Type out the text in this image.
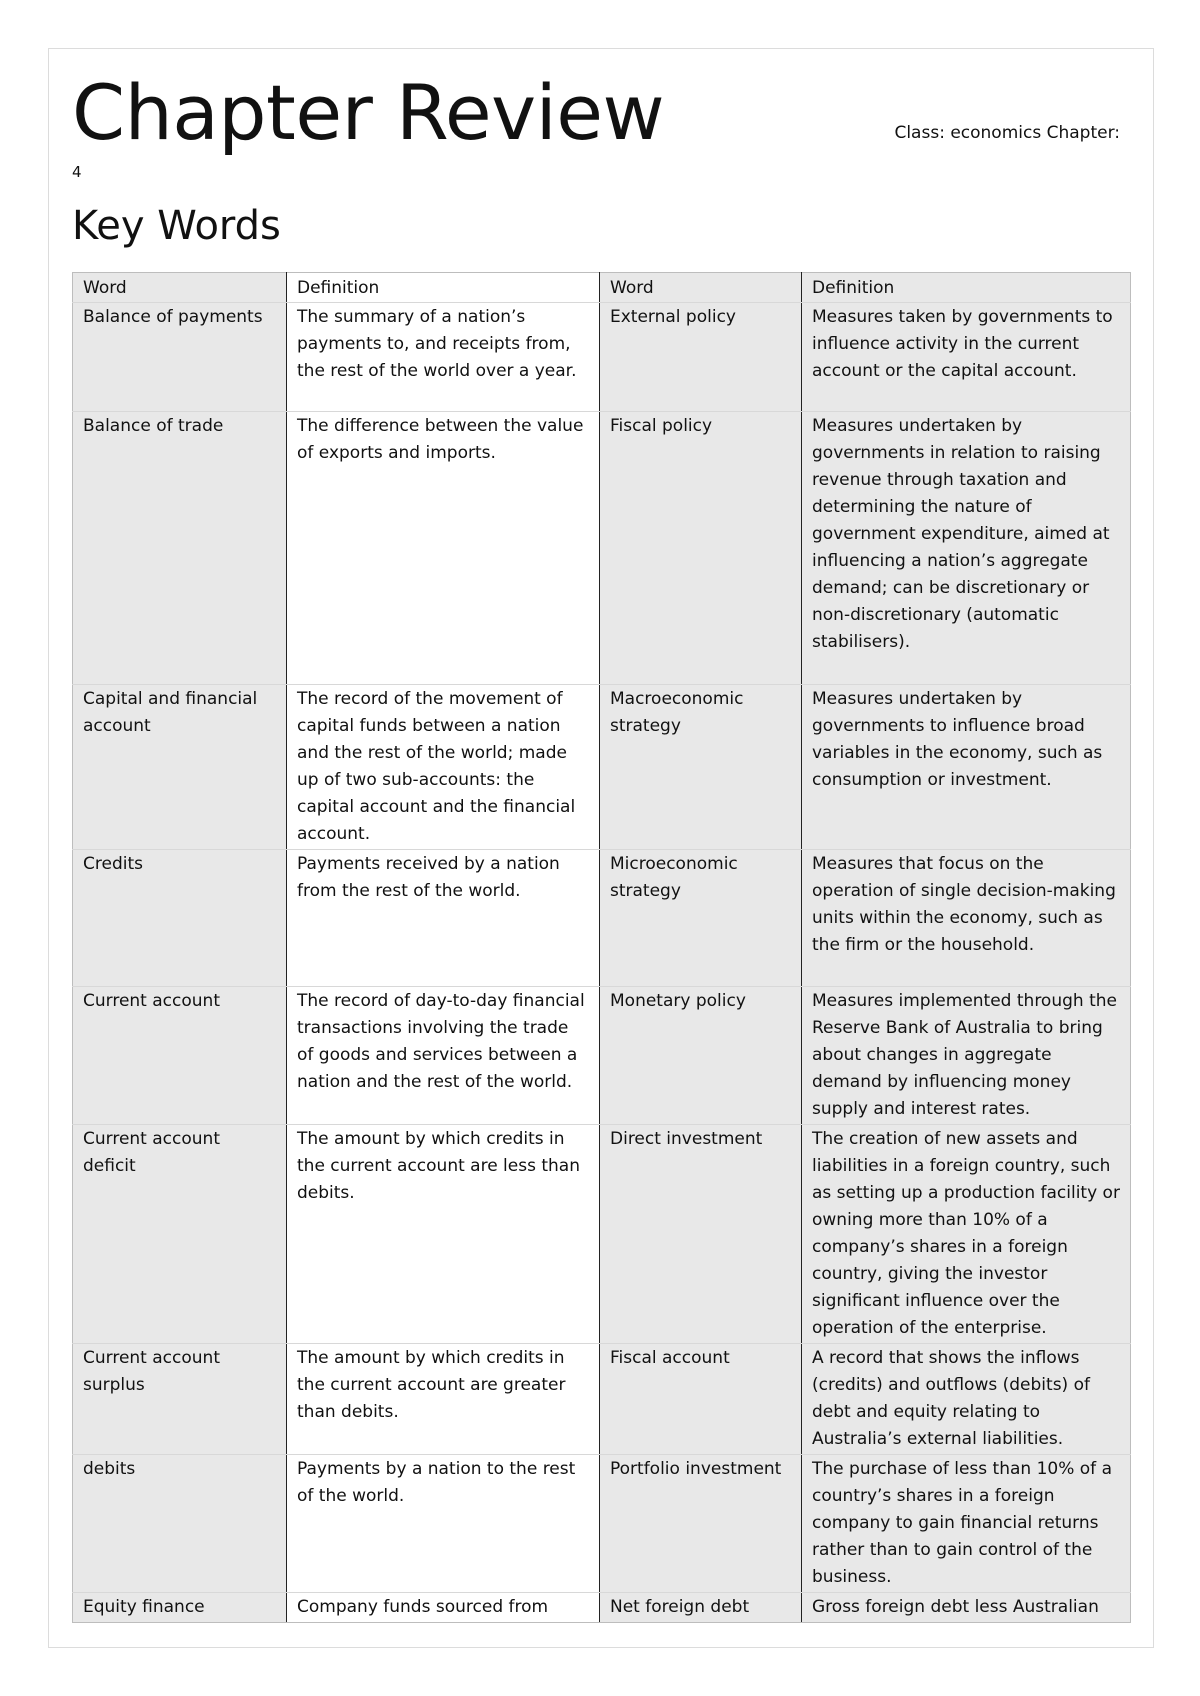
Chapter Review	Class: economics Chapter:
4
Key Words
Word	Definition	Word	Definition
Balance of payments	The summary of a nation’s payments to, and receipts from, the rest of the world over a year.	External policy	Measures taken by governments to influence activity in the current account or the capital account.
Balance of trade	The difference between the value of exports and imports.	Fiscal policy	Measures undertaken by governments in relation to raising revenue through taxation and determining the nature of government expenditure, aimed at influencing a nation’s aggregate demand; can be discretionary or non-discretionary (automatic stabilisers).
Capital and financial account	The record of the movement of capital funds between a nation and the rest of the world; made up of two sub-accounts: the capital account and the financial account.	Macroeconomic strategy	Measures undertaken by governments to influence broad variables in the economy, such as consumption or investment.
Credits	Payments received by a nation from the rest of the world.	Microeconomic strategy	Measures that focus on the operation of single decision-making units within the economy, such as the firm or the household.
Current account	The record of day-to-day financial transactions involving the trade of goods and services between a nation and the rest of the world.	Monetary policy	Measures implemented through the Reserve Bank of Australia to bring about changes in aggregate demand by influencing money supply and interest rates.
Current account deficit	The amount by which credits in the current account are less than debits.	Direct investment	The creation of new assets and liabilities in a foreign country, such as setting up a production facility or owning more than 10% of a company’s shares in a foreign country, giving the investor significant influence over the operation of the enterprise.
Current account surplus	The amount by which credits in the current account are greater than debits.	Fiscal account	A record that shows the inflows (credits) and outflows (debits) of debt and equity relating to Australia’s external liabilities.
debits	Payments by a nation to the rest of the world.	Portfolio investment	The purchase of less than 10% of a country’s shares in a foreign company to gain financial returns rather than to gain control of the business.
Equity finance	Company funds sourced from	Net foreign debt	Gross foreign debt less Australian
